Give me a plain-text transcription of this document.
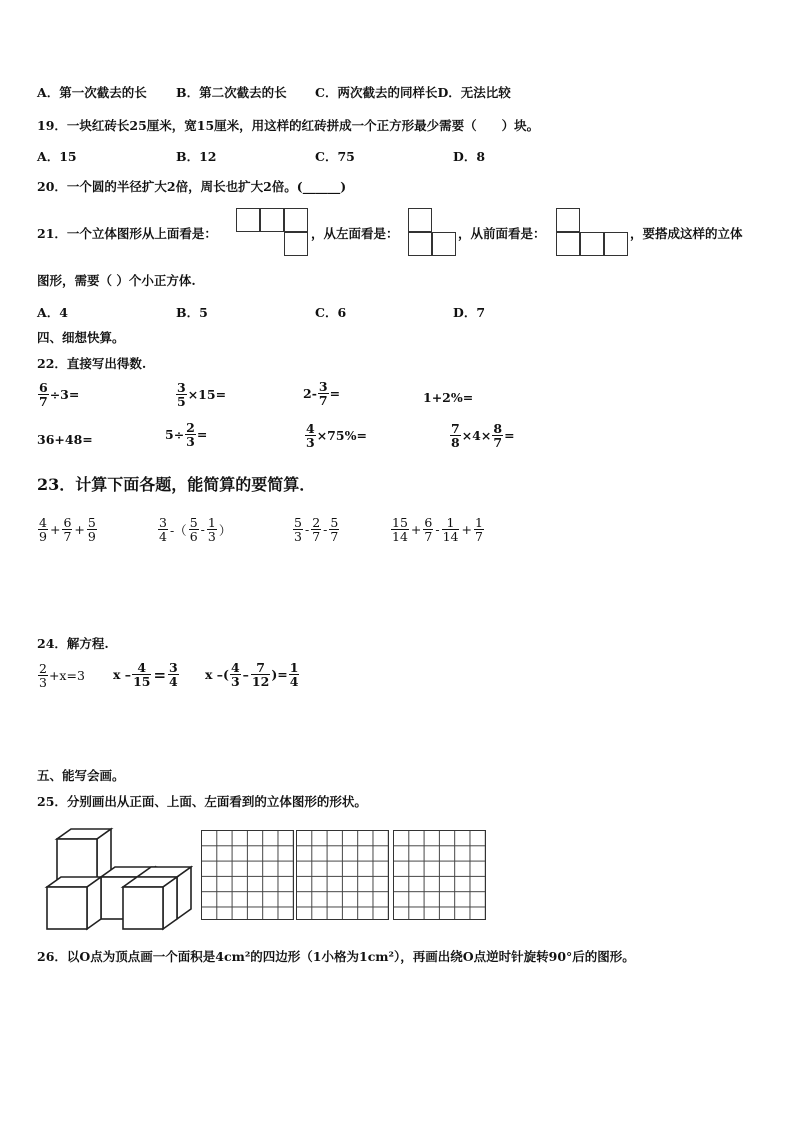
A．第一次截去的长 B．第二次截去的长 C．两次截去的同样长D．无法比较
19．一块红砖长25厘米，宽15厘米，用这样的红砖拼成一个正方形最少需要（　　）块。
A．15	B．12	C．75	D．8
20．一个圆的半径扩大2倍，周长也扩大2倍。(______)
21．一个立体图形从上面看是：	，从左面看是：	，从前面看是：	，要搭成这样的立体
图形，需要（ ）个小正方体.
A．4	B．5	C．6	D．7
四、细想快算。
22．直接写出得数.
$\frac{6}{7} \div 3=$	$\frac{3}{5} \times 15=$	$2- \frac{3}{7}$ =	1+2%=
36+48=	$5\div \frac{2}{3}$ =	$\frac{4}{3} \times 75\%=$	$\frac{7}{8} \times 4\times \frac{8}{7}$ =
23．计算下面各题，能简算的要简算．
$\frac{4}{9} + \frac{6}{7} + \frac{5}{9}$	$\frac{3}{4}$ -（ $\frac{5}{6} - \frac{1}{3}$ ）	$\frac{5}{3} - \frac{2}{7} - \frac{5}{7}$	$\frac{15}{14} + \frac{6}{7} - \frac{1}{14} + \frac{1}{7}$
24．解方程.
$\frac{2}{3} +x=3$ $x - \frac{4}{15} = \frac{3}{4}$ x –( $\frac{4}{3} - \frac{7}{12}$ )= $\frac{1}{4}$
五、能写会画。
25．分别画出从正面、上面、左面看到的立体图形的形状。
26．以O点为顶点画一个面积是4cm²的四边形（1小格为1cm²），再画出绕O点逆时针旋转90°后的图形。
